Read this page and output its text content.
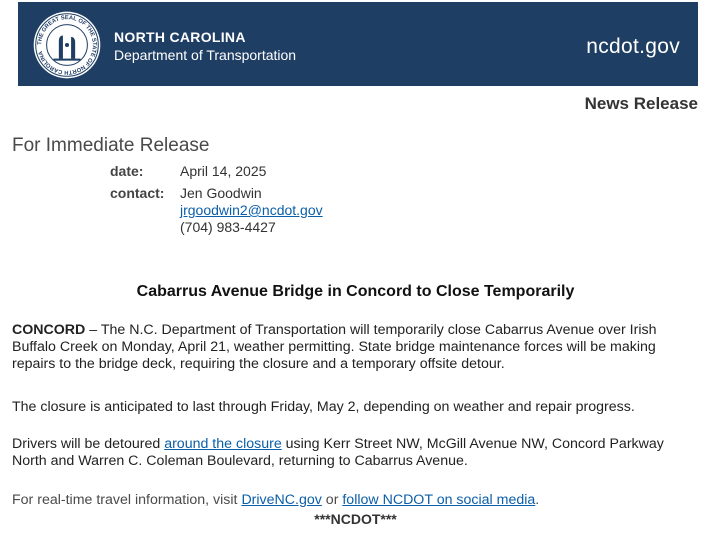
THE GREAT SEAL OF THE STATE OF NORTH CAROLINA
NORTH CAROLINA
Department of Transportation	ncdot.gov
News Release
For Immediate Release
date:	April 14, 2025
contact:	Jen Goodwin
jrgoodwin2@ncdot.gov
(704) 983-4427
Cabarrus Avenue Bridge in Concord to Close Temporarily
CONCORD – The N.C. Department of Transportation will temporarily close Cabarrus Avenue over Irish Buffalo Creek on Monday, April 21, weather permitting. State bridge maintenance forces will be making repairs to the bridge deck, requiring the closure and a temporary offsite detour.
The closure is anticipated to last through Friday, May 2, depending on weather and repair progress.
Drivers will be detoured around the closure using Kerr Street NW, McGill Avenue NW, Concord Parkway North and Warren C. Coleman Boulevard, returning to Cabarrus Avenue.
For real-time travel information, visit DriveNC.gov or follow NCDOT on social media.
***NCDOT***
